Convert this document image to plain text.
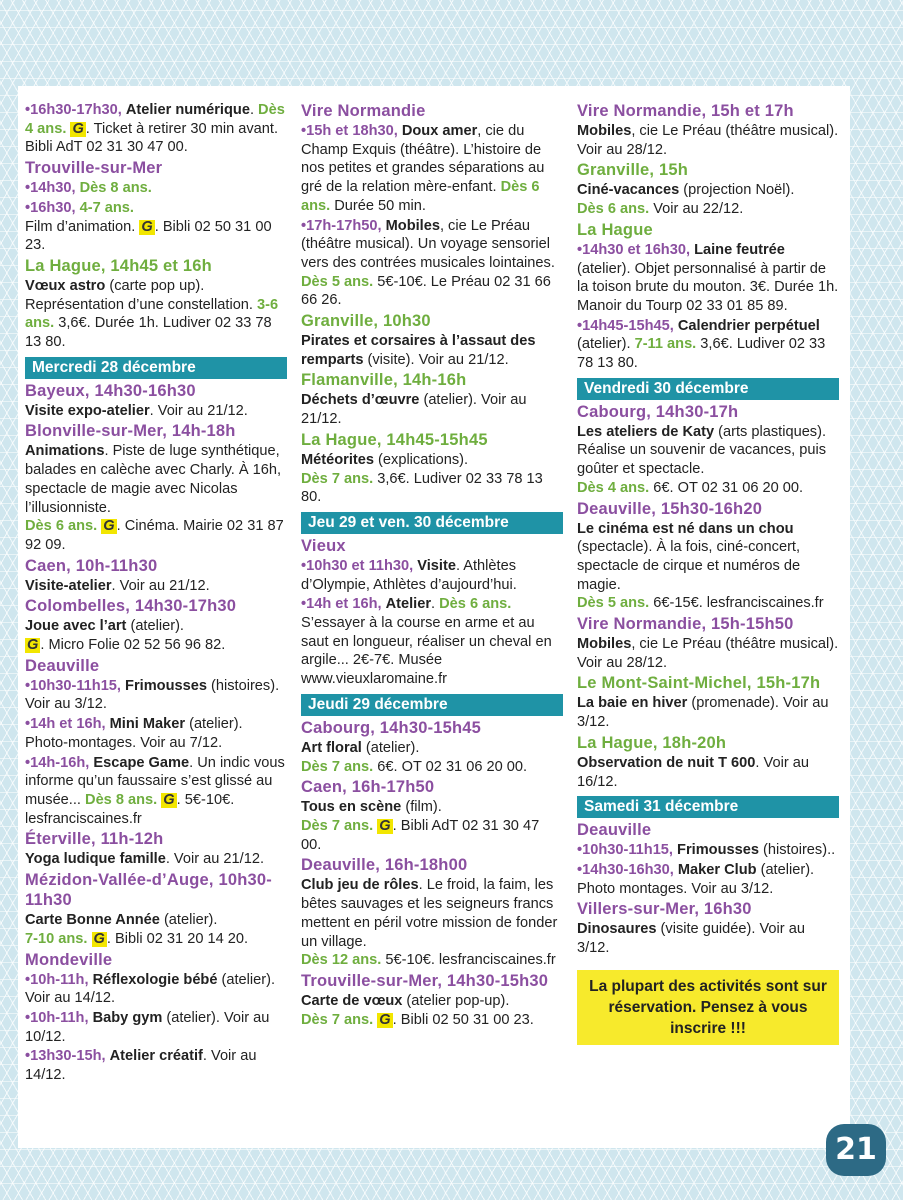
•16h30-17h30, Atelier numérique. Dès 4 ans. G . Ticket à retirer 30 min avant. Bibli AdT 02 31 30 47 00.
Trouville-sur-Mer
•14h30, Dès 8 ans.
•16h30, 4-7 ans.
Film d’animation. G . Bibli 02 50 31 00 23.
La Hague, 14h45 et 16h
Vœux astro (carte pop up). Représentation d’une constellation. 3-6 ans. 3,6€. Durée 1h. Ludiver 02 33 78 13 80.
Mercredi 28 décembre
Bayeux, 14h30-16h30
Visite expo-atelier. Voir au 21/12.
Blonville-sur-Mer, 14h-18h
Animations. Piste de luge synthétique, balades en calèche avec Charly. À 16h, spectacle de magie avec Nicolas l’illusionniste.
Dès 6 ans. G . Cinéma. Mairie 02 31 87 92 09.
Caen, 10h-11h30
Visite-atelier. Voir au 21/12.
Colombelles, 14h30-17h30
Joue avec l’art (atelier).
G . Micro Folie 02 52 56 96 82.
Deauville
•10h30-11h15, Frimousses (histoires). Voir au 3/12.
•14h et 16h, Mini Maker (atelier). Photo-montages. Voir au 7/12.
•14h-16h, Escape Game. Un indic vous informe qu’un faussaire s’est glissé au musée... Dès 8 ans. G . 5€-10€. lesfranciscaines.fr
Éterville, 11h-12h
Yoga ludique famille. Voir au 21/12.
Mézidon-Vallée-d’Auge, 10h30-11h30
Carte Bonne Année (atelier).
7-10 ans. G . Bibli 02 31 20 14 20.
Mondeville
•10h-11h, Réflexologie bébé (atelier). Voir au 14/12.
•10h-11h, Baby gym (atelier). Voir au 10/12.
•13h30-15h, Atelier créatif. Voir au 14/12.
Vire Normandie
•15h et 18h30, Doux amer, cie du Champ Exquis (théâtre). L’histoire de nos petites et grandes séparations au gré de la relation mère-enfant. Dès 6 ans. Durée 50 min.
•17h-17h50, Mobiles, cie Le Préau (théâtre musical). Un voyage sensoriel vers des contrées musicales lointaines. Dès 5 ans. 5€-10€. Le Préau 02 31 66 66 26.
Granville, 10h30
Pirates et corsaires à l’assaut des remparts (visite). Voir au 21/12.
Flamanville, 14h-16h
Déchets d’œuvre (atelier). Voir au 21/12.
La Hague, 14h45-15h45
Météorites (explications).
Dès 7 ans. 3,6€. Ludiver 02 33 78 13 80.
Jeu 29 et ven. 30 décembre
Vieux
•10h30 et 11h30, Visite. Athlètes d’Olympie, Athlètes d’aujourd’hui.
•14h et 16h, Atelier. Dès 6 ans. S’essayer à la course en arme et au saut en longueur, réaliser un cheval en argile... 2€-7€. Musée www.vieuxlaromaine.fr
Jeudi 29 décembre
Cabourg, 14h30-15h45
Art floral (atelier).
Dès 7 ans. 6€. OT 02 31 06 20 00.
Caen, 16h-17h50
Tous en scène (film).
Dès 7 ans. G . Bibli AdT 02 31 30 47 00.
Deauville, 16h-18h00
Club jeu de rôles. Le froid, la faim, les bêtes sauvages et les seigneurs francs mettent en péril votre mission de fonder un village.
Dès 12 ans. 5€-10€. lesfranciscaines.fr
Trouville-sur-Mer, 14h30-15h30
Carte de vœux (atelier pop-up).
Dès 7 ans. G . Bibli 02 50 31 00 23.
Vire Normandie, 15h et 17h
Mobiles, cie Le Préau (théâtre musical). Voir au 28/12.
Granville, 15h
Ciné-vacances (projection Noël).
Dès 6 ans. Voir au 22/12.
La Hague
•14h30 et 16h30, Laine feutrée (atelier). Objet personnalisé à partir de la toison brute du mouton. 3€. Durée 1h. Manoir du Tourp 02 33 01 85 89.
•14h45-15h45, Calendrier perpétuel (atelier). 7-11 ans. 3,6€. Ludiver 02 33 78 13 80.
Vendredi 30 décembre
Cabourg, 14h30-17h
Les ateliers de Katy (arts plastiques). Réalise un souvenir de vacances, puis goûter et spectacle.
Dès 4 ans. 6€. OT 02 31 06 20 00.
Deauville, 15h30-16h20
Le cinéma est né dans un chou (spectacle). À la fois, ciné-concert, spectacle de cirque et numéros de magie.
Dès 5 ans. 6€-15€. lesfranciscaines.fr
Vire Normandie, 15h-15h50
Mobiles, cie Le Préau (théâtre musical). Voir au 28/12.
Le Mont-Saint-Michel, 15h-17h
La baie en hiver (promenade). Voir au 3/12.
La Hague, 18h-20h
Observation de nuit T 600. Voir au 16/12.
Samedi 31 décembre
Deauville
•10h30-11h15, Frimousses (histoires)..
•14h30-16h30, Maker Club (atelier). Photo montages. Voir au 3/12.
Villers-sur-Mer, 16h30
Dinosaures (visite guidée). Voir au 3/12.
La plupart des activités sont sur réservation. Pensez à vous inscrire !!!
21
